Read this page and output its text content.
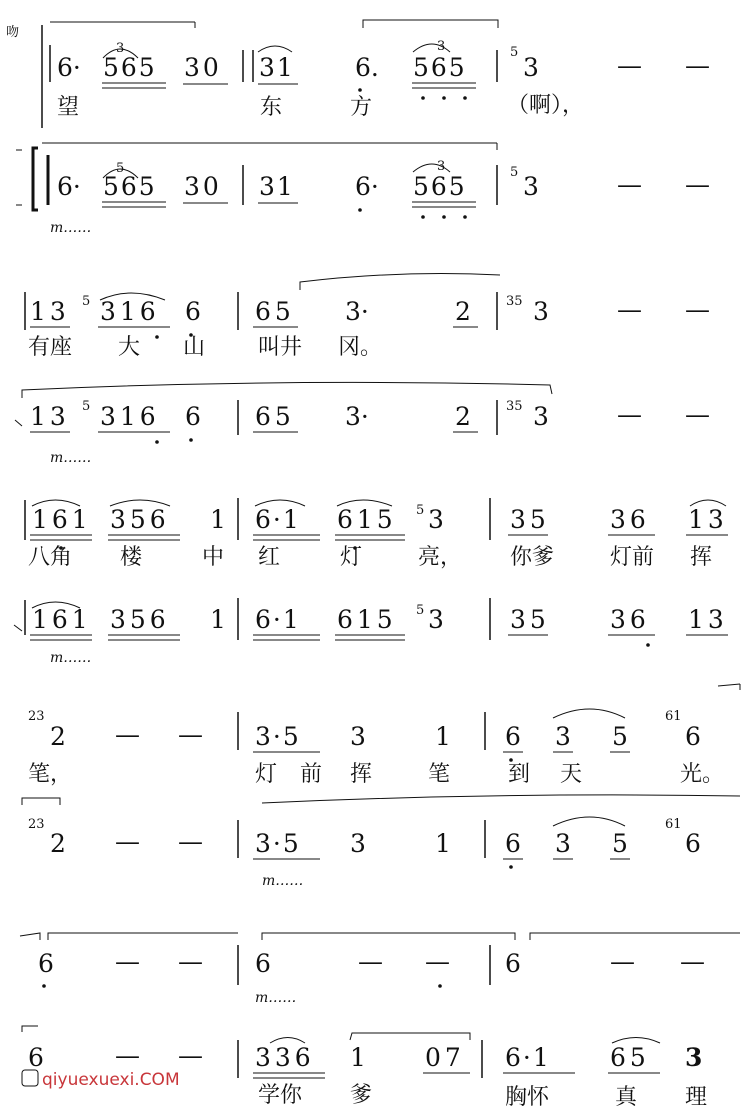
吻
6·
3
565 30 31 6.
3
565
5
3	— —
望	东	方	（啊），
6·
5
565 30 31 6·
3
565	5 3	— —
m……
13 5 316 6 65 3·	2	35 3	— —
有座 大 山 叫井 冈。
13 5 316 6 65 3·	2	35 3	— —
m……
161 356 1 6·1 615 5 3	35 36 13
八角 楼	中 红	灯	亮， 你爹	灯前 挥
161 356 1 6·1 615 5 3	35 36 13
m……
23
2 — — 3·5 3	1 6 3 5
61
6
笔，	灯 前 挥	笔	到 天	光。
23
2 — — 3·5 3	1 6 3 5
61
6
m……
6 — — 6	— — 6	— —
m……
6	— — 336 1 07 6·1 65 3
学你 爹	胸怀	真 理
qiyuexuexi.COM
